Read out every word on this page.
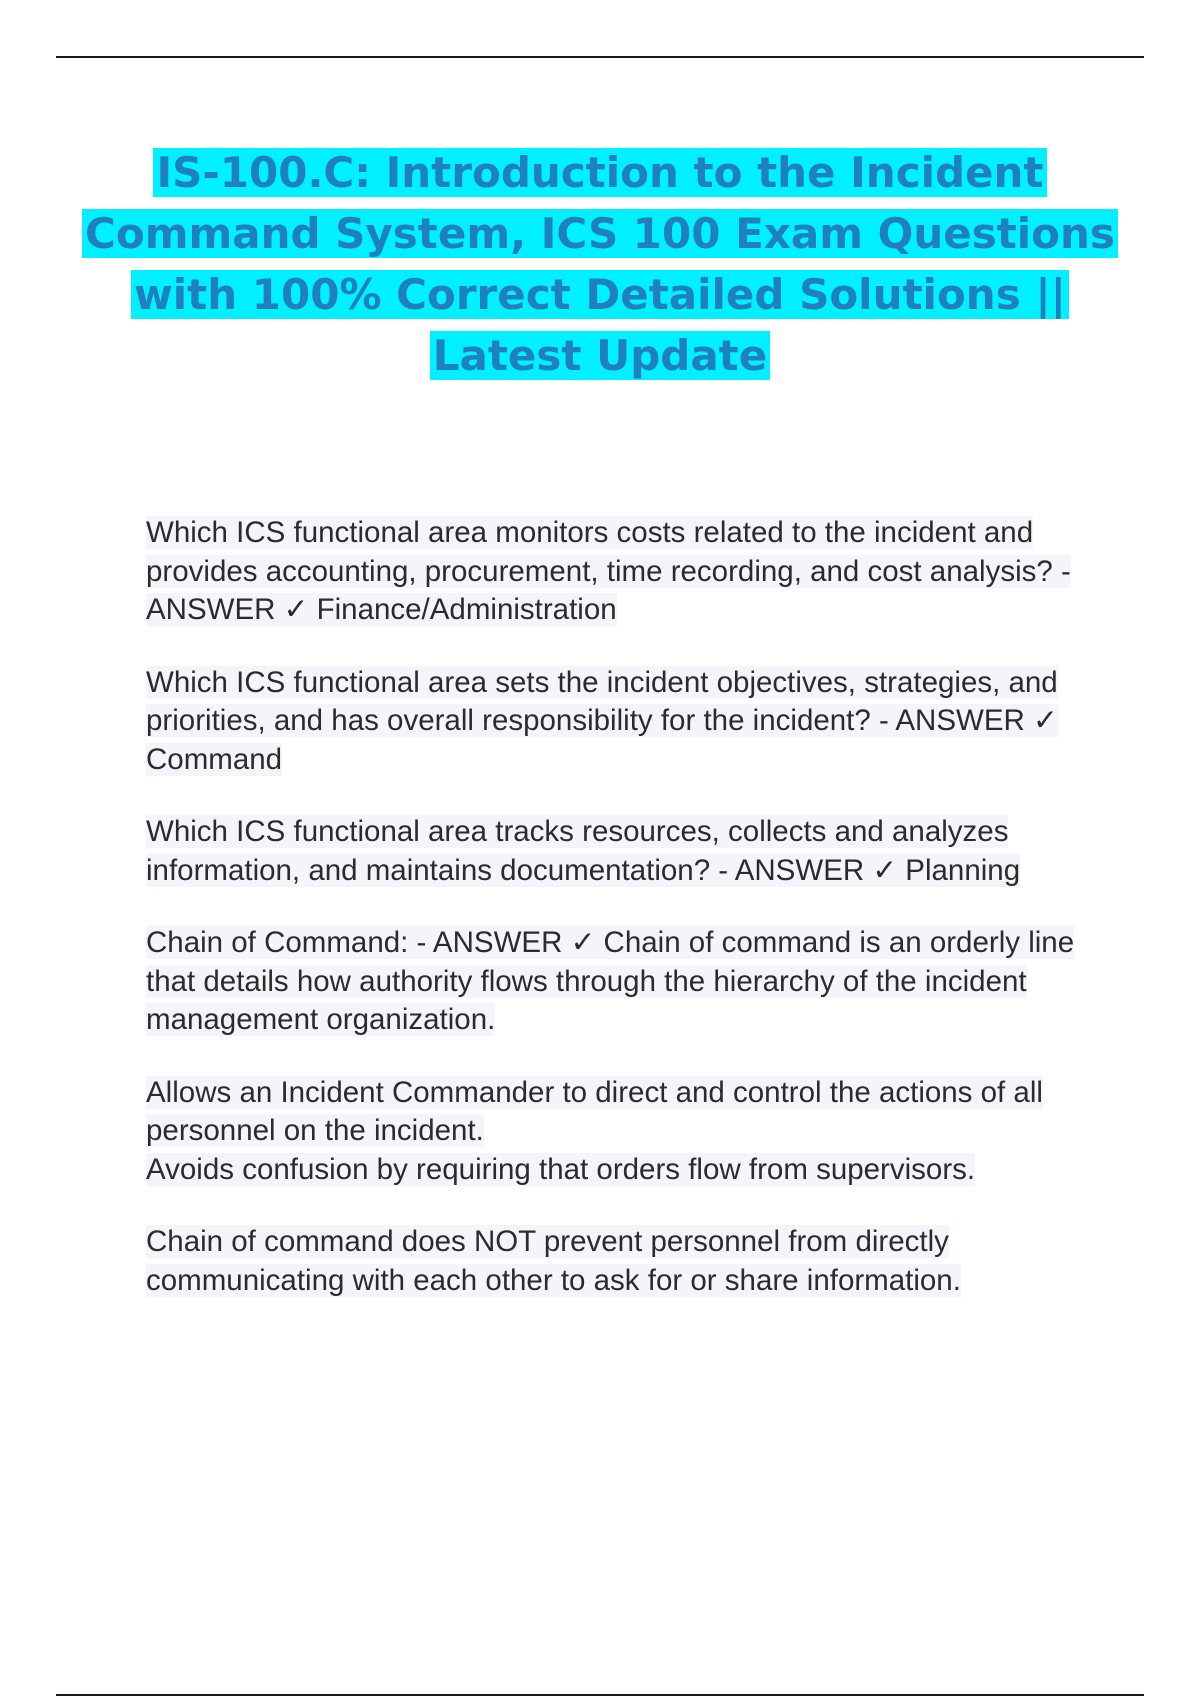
IS-100.C: Introduction to the Incident Command System, ICS 100 Exam Questions with 100% Correct Detailed Solutions || Latest Update

Which ICS functional area monitors costs related to the incident and provides accounting, procurement, time recording, and cost analysis? - ANSWER ✓ Finance/Administration

Which ICS functional area sets the incident objectives, strategies, and priorities, and has overall responsibility for the incident? - ANSWER ✓ Command

Which ICS functional area tracks resources, collects and analyzes information, and maintains documentation? - ANSWER ✓ Planning

Chain of Command: - ANSWER ✓ Chain of command is an orderly line that details how authority flows through the hierarchy of the incident management organization.

Allows an Incident Commander to direct and control the actions of all personnel on the incident.

Avoids confusion by requiring that orders flow from supervisors.

Chain of command does NOT prevent personnel from directly communicating with each other to ask for or share information.
